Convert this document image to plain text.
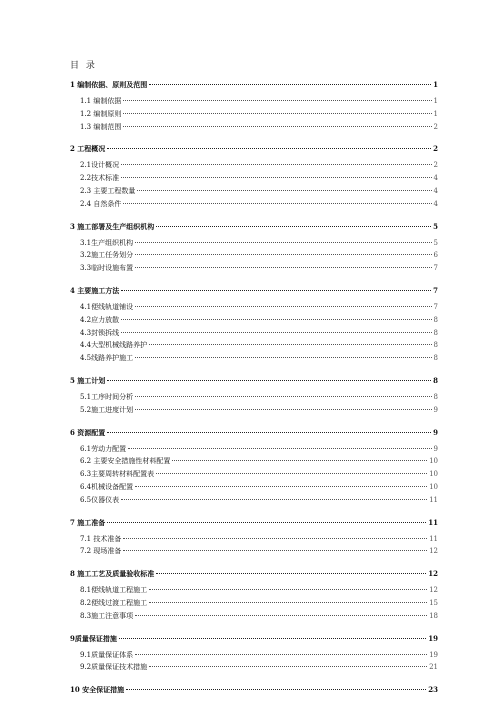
目 录
1 编制依据、原则及范围	1
1.1 编制依据	1
1.2 编制原则	1
1.3 编制范围	2
2 工程概况	2
2.1设计概况	2
2.2技术标准	4
2.3 主要工程数量	4
2.4 自然条件	4
3 施工部署及生产组织机构	5
3.1生产组织机构	5
3.2施工任务划分	6
3.3临时设施布置	7
4 主要施工方法	7
4.1便线轨道铺设	7
4.2应力放散	8
4.3封锁拆线	8
4.4大型机械线路养护	8
4.5线路养护施工	8
5 施工计划	8
5.1工序时间分析	8
5.2施工进度计划	9
6 资源配置	9
6.1劳动力配置	9
6.2 主要安全措施性材料配置	10
6.3主要周转材料配置表	10
6.4机械设备配置	10
6.5仪器仪表	11
7 施工准备	11
7.1 技术准备	11
7.2 现场准备	12
8 施工工艺及质量验收标准	12
8.1便线轨道工程施工	12
8.2便线过渡工程施工	15
8.3施工注意事项	18
9质量保证措施	19
9.1质量保证体系	19
9.2质量保证技术措施	21
10 安全保证措施	23
